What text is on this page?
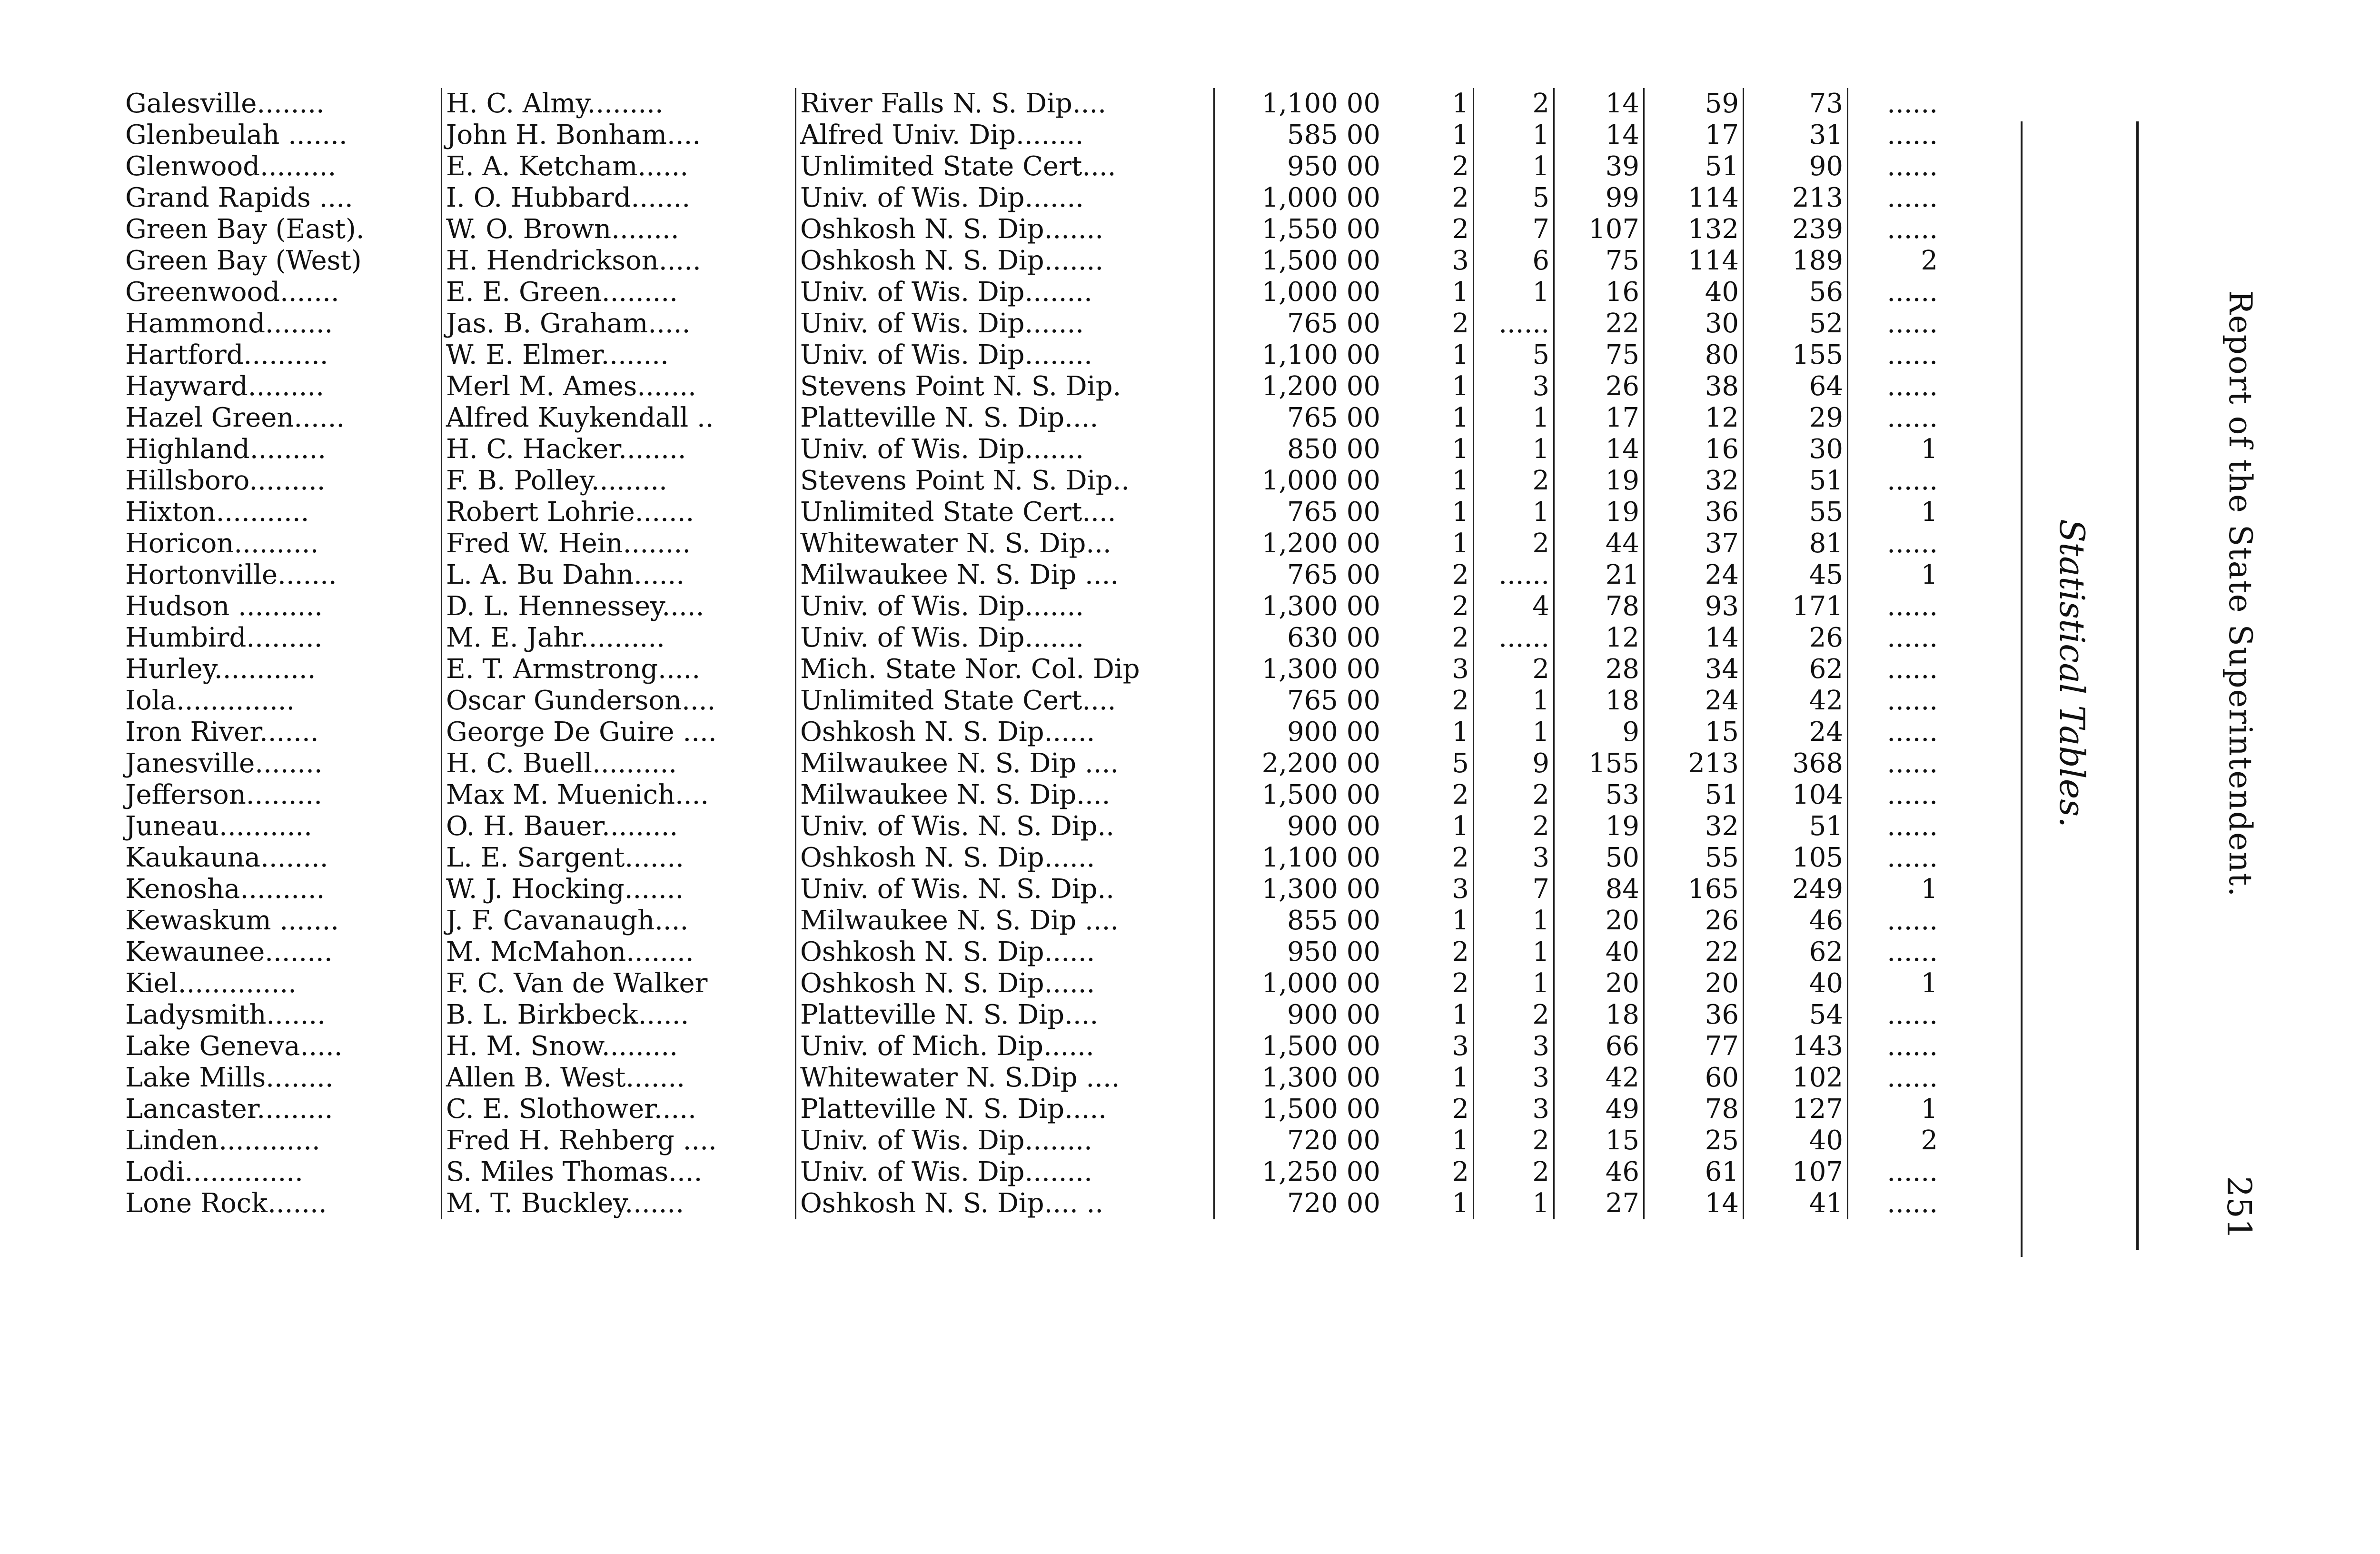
Galesville........	H. C. Almy.........	River Falls N. S. Dip....	1,100 00	1	2	14	59	73	......
Glenbeulah .......	John H. Bonham....	Alfred Univ. Dip........	585 00	1	1	14	17	31	......
Glenwood.........	E. A. Ketcham......	Unlimited State Cert....	950 00	2	1	39	51	90	......
Grand Rapids ....	I. O. Hubbard.......	Univ. of Wis. Dip.......	1,000 00	2	5	99	114	213	......
Green Bay (East).	W. O. Brown........	Oshkosh N. S. Dip.......	1,550 00	2	7	107	132	239	......
Green Bay (West)	H. Hendrickson.....	Oshkosh N. S. Dip.......	1,500 00	3	6	75	114	189	2
Greenwood.......	E. E. Green.........	Univ. of Wis. Dip........	1,000 00	1	1	16	40	56	......
Hammond........	Jas. B. Graham.....	Univ. of Wis. Dip.......	765 00	2	......	22	30	52	......
Hartford..........	W. E. Elmer........	Univ. of Wis. Dip........	1,100 00	1	5	75	80	155	......
Hayward.........	Merl M. Ames.......	Stevens Point N. S. Dip.	1,200 00	1	3	26	38	64	......
Hazel Green......	Alfred Kuykendall ..	Platteville N. S. Dip....	765 00	1	1	17	12	29	......
Highland.........	H. C. Hacker........	Univ. of Wis. Dip.......	850 00	1	1	14	16	30	1
Hillsboro.........	F. B. Polley.........	Stevens Point N. S. Dip..	1,000 00	1	2	19	32	51	......
Hixton...........	Robert Lohrie.......	Unlimited State Cert....	765 00	1	1	19	36	55	1
Horicon..........	Fred W. Hein........	Whitewater N. S. Dip...	1,200 00	1	2	44	37	81	......
Hortonville.......	L. A. Bu Dahn......	Milwaukee N. S. Dip ....	765 00	2	......	21	24	45	1
Hudson ..........	D. L. Hennessey.....	Univ. of Wis. Dip.......	1,300 00	2	4	78	93	171	......
Humbird.........	M. E. Jahr..........	Univ. of Wis. Dip.......	630 00	2	......	12	14	26	......
Hurley............	E. T. Armstrong.....	Mich. State Nor. Col. Dip	1,300 00	3	2	28	34	62	......
Iola..............	Oscar Gunderson....	Unlimited State Cert....	765 00	2	1	18	24	42	......
Iron River.......	George De Guire ....	Oshkosh N. S. Dip......	900 00	1	1	9	15	24	......
Janesville........	H. C. Buell..........	Milwaukee N. S. Dip ....	2,200 00	5	9	155	213	368	......
Jefferson.........	Max M. Muenich....	Milwaukee N. S. Dip....	1,500 00	2	2	53	51	104	......
Juneau...........	O. H. Bauer.........	Univ. of Wis. N. S. Dip..	900 00	1	2	19	32	51	......
Kaukauna........	L. E. Sargent.......	Oshkosh N. S. Dip......	1,100 00	2	3	50	55	105	......
Kenosha..........	W. J. Hocking.......	Univ. of Wis. N. S. Dip..	1,300 00	3	7	84	165	249	1
Kewaskum .......	J. F. Cavanaugh....	Milwaukee N. S. Dip ....	855 00	1	1	20	26	46	......
Kewaunee........	M. McMahon........	Oshkosh N. S. Dip......	950 00	2	1	40	22	62	......
Kiel..............	F. C. Van de Walker	Oshkosh N. S. Dip......	1,000 00	2	1	20	20	40	1
Ladysmith.......	B. L. Birkbeck......	Platteville N. S. Dip....	900 00	1	2	18	36	54	......
Lake Geneva.....	H. M. Snow.........	Univ. of Mich. Dip......	1,500 00	3	3	66	77	143	......
Lake Mills........	Allen B. West.......	Whitewater N. S.Dip ....	1,300 00	1	3	42	60	102	......
Lancaster.........	C. E. Slothower.....	Platteville N. S. Dip.....	1,500 00	2	3	49	78	127	1
Linden............	Fred H. Rehberg ....	Univ. of Wis. Dip........	720 00	1	2	15	25	40	2
Lodi..............	S. Miles Thomas....	Univ. of Wis. Dip........	1,250 00	2	2	46	61	107	......
Lone Rock.......	M. T. Buckley.......	Oshkosh N. S. Dip.... ..	720 00	1	1	27	14	41	......
Report of the State Superintendent.
251
Statistical Tables.
